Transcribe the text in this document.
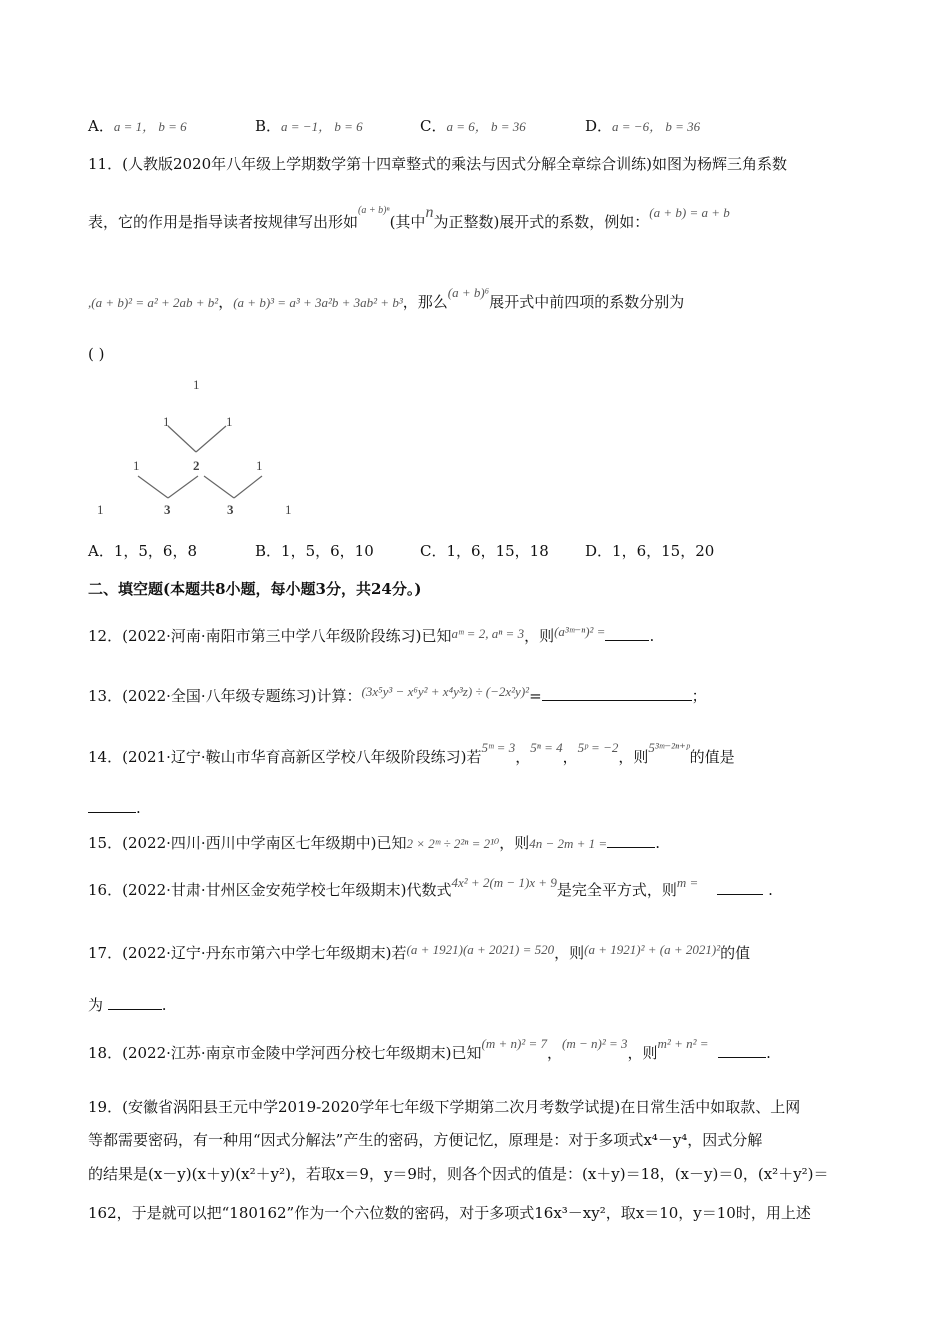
A．a = 1， b = 6	B．a = −1， b = 6	C．a = 6， b = 36	D．a = −6， b = 36
11．(人教版2020年八年级上学期数学第十四章整式的乘法与因式分解全章综合训练)如图为杨辉三角系数
表，它的作用是指导读者按规律写出形如$^{(a + b)^n}$(其中n为正整数)展开式的系数，例如：(a + b) = a + b
,(a + b)² = a² + 2ab + b²，(a + b)³ = a³ + 3a²b + 3ab² + b³，那么(a + b)⁶展开式中前四项的系数分别为
( )
1
1	1
1	2	1
1	3	3	1
A．1，5，6，8	B．1，5，6，10	C．1，6，15，18 D．1，6，15，20
二、填空题(本题共8小题，每小题3分，共24分。)
12．(2022·河南·南阳市第三中学八年级阶段练习)已知aᵐ = 2, aⁿ = 3，则(a³ᵐ⁻ⁿ)² =	.
13．(2022·全国·八年级专题练习)计算：(3x⁵y³ − x⁶y² + x⁴y³z) ÷ (−2x²y)²=	；
14．(2021·辽宁·鞍山市华育高新区学校八年级阶段练习)若5ᵐ = 3，5ⁿ = 4，5ᵖ = −2，则5³ᵐ⁻²ⁿ⁺ᵖ的值是
.
15．(2022·四川·西川中学南区七年级期中)已知2 × 2ᵐ ÷ 2²ⁿ = 2¹⁰，则4n − 2m + 1 =	.
16．(2022·甘肃·甘州区金安苑学校七年级期末)代数式4x² + 2(m − 1)x + 9是完全平方式，则m =	.
17．(2022·辽宁·丹东市第六中学七年级期末)若(a + 1921)(a + 2021) = 520，则(a + 1921)² + (a + 2021)²的值
为	.
18．(2022·江苏·南京市金陵中学河西分校七年级期末)已知(m + n)² = 7，(m − n)² = 3，则m² + n² =  .
19．(安徽省涡阳县王元中学2019-2020学年七年级下学期第二次月考数学试提)在日常生活中如取款、上网
等都需要密码，有一种用“因式分解法”产生的密码，方便记忆，原理是：对于多项式x⁴－y⁴，因式分解
的结果是(x－y)(x＋y)(x²＋y²)，若取x＝9，y＝9时，则各个因式的值是：(x＋y)＝18，(x－y)＝0，(x²＋y²)＝
162，于是就可以把“180162”作为一个六位数的密码，对于多项式16x³－xy²，取x＝10，y＝10时，用上述
